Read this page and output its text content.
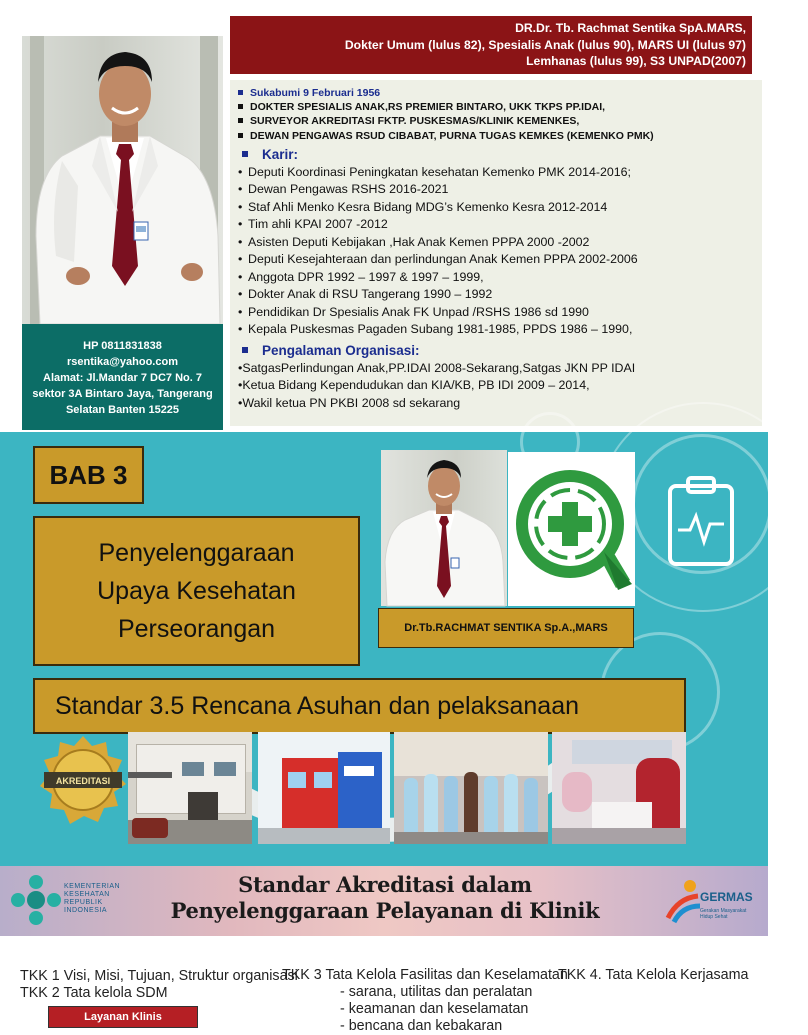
HP 0811831838
rsentika@yahoo.com
Alamat: Jl.Mandar 7 DC7 No. 7
sektor 3A Bintaro Jaya, Tangerang
Selatan Banten 15225
DR.Dr. Tb. Rachmat Sentika SpA.MARS,
Dokter Umum (lulus 82), Spesialis Anak (lulus 90), MARS UI (lulus 97)
Lemhanas (lulus 99), S3 UNPAD(2007)
Sukabumi 9 Februari 1956
DOKTER SPESIALIS ANAK,RS PREMIER BINTARO, UKK TKPS PP.IDAI,
SURVEYOR AKREDITASI FKTP. PUSKESMAS/KLINIK KEMENKES,
DEWAN PENGAWAS RSUD CIBABAT, PURNA TUGAS KEMKES (KEMENKO PMK)
Karir:
• Deputi Koordinasi Peningkatan kesehatan Kemenko PMK 2014-2016;
• Dewan Pengawas RSHS 2016-2021
• Staf Ahli Menko Kesra Bidang MDG’s Kemenko Kesra 2012-2014
• Tim ahli KPAI 2007 -2012
• Asisten Deputi Kebijakan ,Hak Anak Kemen PPPA 2000 -2002
• Deputi Kesejahteraan dan perlindungan Anak Kemen PPPA 2002-2006
• Anggota DPR 1992 – 1997 & 1997 – 1999,
• Dokter Anak di RSU Tangerang 1990 – 1992
• Pendidikan Dr Spesialis Anak FK Unpad /RSHS 1986 sd 1990
• Kepala Puskesmas Pagaden Subang 1981-1985, PPDS 1986 – 1990,
Pengalaman Organisasi:
•SatgasPerlindungan Anak,PP.IDAI 2008-Sekarang,Satgas JKN PP IDAI
•Ketua Bidang Kependudukan dan KIA/KB, PB IDI 2009 – 2014,
•Wakil ketua PN PKBI 2008 sd sekarang
BAB 3
Penyelenggaraan
Upaya Kesehatan
Perseorangan	Dr.Tb.RACHMAT SENTIKA Sp.A.,MARS
Standar 3.5 Rencana Asuhan dan pelaksanaan
AKREDITASI
KEMENTERIAN
KESEHATAN
REPUBLIK
INDONESIA
Standar Akreditasi dalam
Penyelenggaraan Pelayanan di Klinik
GERMAS
Gerakan Masyarakat Hidup Sehat
TKK 1 Visi, Misi, Tujuan, Struktur organisasi
TKK 2 Tata kelola SDM
TKK 3 Tata Kelola Fasilitas dan Keselamatan
- sarana, utilitas dan peralatan
- keamanan dan keselamatan
- bencana dan kebakaran
TKK 4. Tata Kelola Kerjasama
Layanan Klinis
